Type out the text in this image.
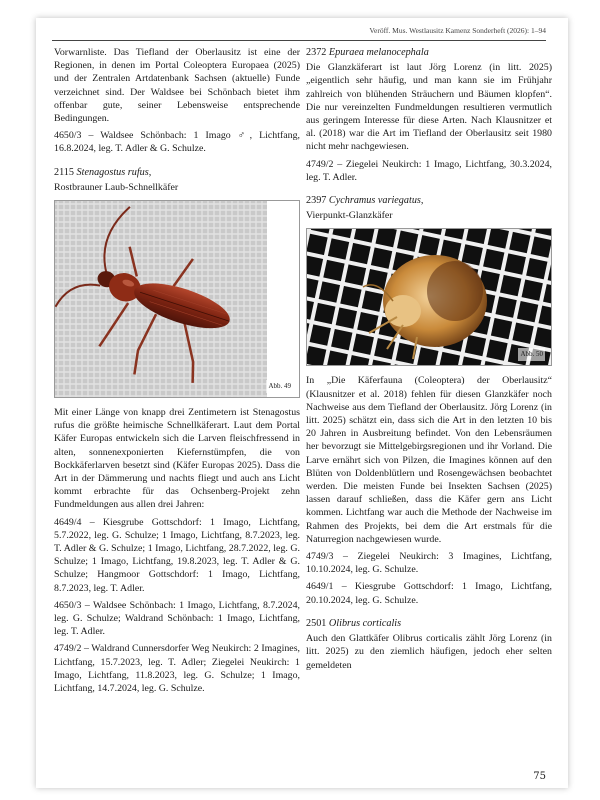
Veröff. Mus. Westlausitz Kamenz Sonderheft (2026): 1–94

Vorwarnliste. Das Tiefland der Oberlausitz ist eine der Regionen, in denen im Portal Coleoptera Europaea (2025) und der Zentralen Artdatenbank Sachsen (aktuelle) Funde verzeichnet sind. Der Waldsee bei Schönbach bietet ihm offenbar gute, seiner Lebensweise entsprechende Bedingungen.

4650/3 – Waldsee Schönbach: 1 Imago ♂, Lichtfang, 16.8.2024, leg. T. Adler & G. Schulze.

2115 Stenagostus rufus,
Rostbrauner Laub-Schnellkäfer
Abb. 49

Mit einer Länge von knapp drei Zentimetern ist Stenagostus rufus die größte heimische Schnellkäferart. Laut dem Portal Käfer Europas entwickeln sich die Larven fleischfressend in alten, sonnenexponierten Kiefernstümpfen, die von Bockkäferlarven besetzt sind (Käfer Europas 2025). Dass die Art in der Dämmerung und nachts fliegt und auch ans Licht kommt erbrachte für das Ochsenberg-Projekt zehn Fundmeldungen aus allen drei Jahren:

4649/4 – Kiesgrube Gottschdorf: 1 Imago, Lichtfang, 5.7.2022, leg. G. Schulze; 1 Imago, Lichtfang, 8.7.2023, leg. T. Adler & G. Schulze; 1 Imago, Lichtfang, 28.7.2022, leg. G. Schulze; 1 Imago, Lichtfang, 19.8.2023, leg. T. Adler & G. Schulze; Hangmoor Gottschdorf: 1 Imago, Lichtfang, 8.7.2023, leg. T. Adler.

4650/3 – Waldsee Schönbach: 1 Imago, Lichtfang, 8.7.2024, leg. G. Schulze; Waldrand Schönbach: 1 Imago, Lichtfang, leg. T. Adler.

4749/2 – Waldrand Cunnersdorfer Weg Neukirch: 2 Imagines, Lichtfang, 15.7.2023, leg. T. Adler; Ziegelei Neukirch: 1 Imago, Lichtfang, 11.8.2023, leg. G. Schulze; 1 Imago, Lichtfang, 14.7.2024, leg. G. Schulze.

2372 Epuraea melanocephala

Die Glanzkäferart ist laut Jörg Lorenz (in litt. 2025) „eigentlich sehr häufig, und man kann sie im Frühjahr zahlreich von blühenden Sträuchern und Bäumen klopfen“. Die nur vereinzelten Fundmeldungen resultieren vermutlich aus geringem Interesse für diese Arten. Nach Klausnitzer et al. (2018) war die Art im Tiefland der Oberlausitz seit 1980 nicht mehr nachgewiesen.

4749/2 – Ziegelei Neukirch: 1 Imago, Lichtfang, 30.3.2024, leg. T. Adler.

2397 Cychramus variegatus,
Vierpunkt-Glanzkäfer
Abb. 50

In „Die Käferfauna (Coleoptera) der Oberlausitz“ (Klausnitzer et al. 2018) fehlen für diesen Glanzkäfer noch Nachweise aus dem Tiefland der Oberlausitz. Jörg Lorenz (in litt. 2025) schätzt ein, dass sich die Art in den letzten 10 bis 20 Jahren in Ausbreitung befindet. Von den Lebensräumen her bevorzugt sie Mittelgebirgsregionen und ihr Vorland. Die Larve ernährt sich von Pilzen, die Imagines können auf den Blüten von Doldenblütlern und Rosengewächsen beobachtet werden. Die meisten Funde bei Insekten Sachsen (2025) lassen darauf schließen, dass die Käfer gern ans Licht kommen. Lichtfang war auch die Methode der Nachweise im Rahmen des Projekts, bei dem die Art erstmals für die Naturregion nachgewiesen wurde.

4749/3 – Ziegelei Neukirch: 3 Imagines, Lichtfang, 10.10.2024, leg. G. Schulze.

4649/1 – Kiesgrube Gottschdorf: 1 Imago, Lichtfang, 20.10.2024, leg. G. Schulze.

2501 Olibrus corticalis

Auch den Glattkäfer Olibrus corticalis zählt Jörg Lorenz (in litt. 2025) zu den ziemlich häufigen, jedoch eher selten gemeldeten

75
